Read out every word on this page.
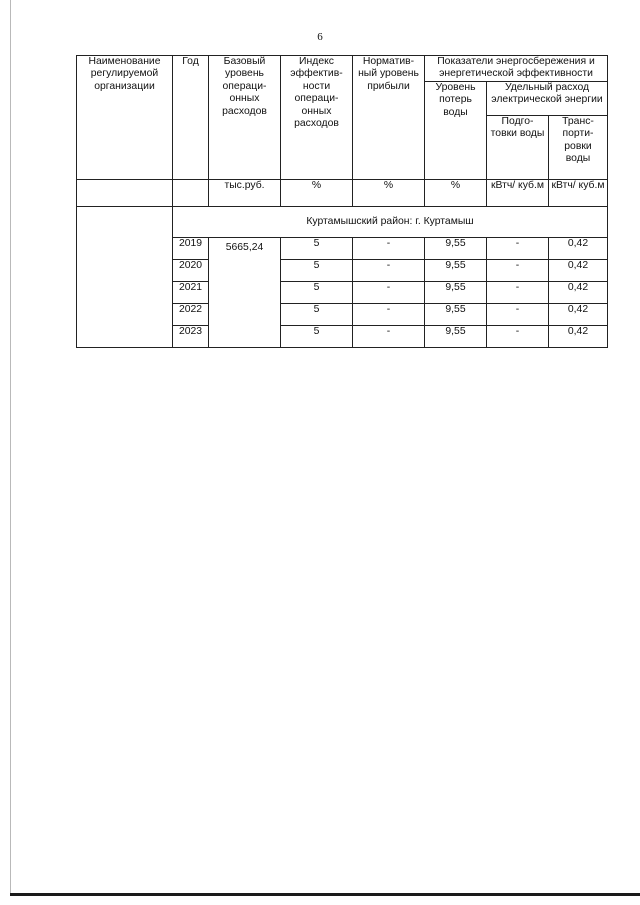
6
Наименование регулируемой организации	Год	Базовый уровень операци-онных расходов	Индекс эффектив-ности операци-онных расходов	Норматив-ный уровень прибыли	Показатели энергосбережения и энергетической эффективности		
					Уровень потерь воды	Удельный расход электрической энергии	
						Подго-товки воды	Транс-порти-ровки воды
		тыс.руб.	%	%	%	кВтч/ куб.м	кВтч/ куб.м
	Куртамышский район: г. Куртамыш						
	2019	5665,24	5	-	9,55	-	0,42
	2020		5	-	9,55	-	0,42
	2021		5	-	9,55	-	0,42
	2022		5	-	9,55	-	0,42
	2023		5	-	9,55	-	0,42
